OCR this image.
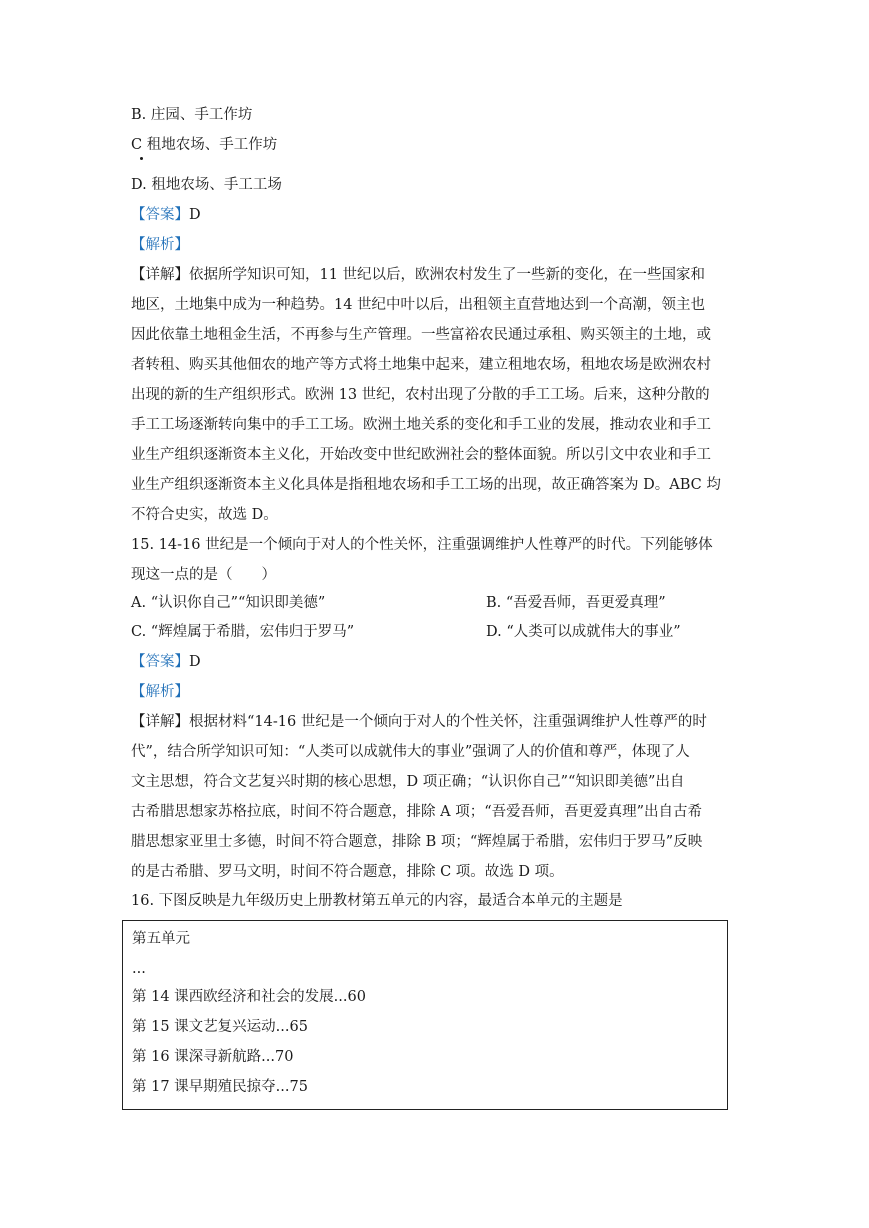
B. 庄园、手工作坊
C 租地农场、手工作坊
D. 租地农场、手工工场
【答案】D
【解析】
【详解】依据所学知识可知，11 世纪以后，欧洲农村发生了一些新的变化，在一些国家和
地区，土地集中成为一种趋势。14 世纪中叶以后，出租领主直营地达到一个高潮，领主也
因此依靠土地租金生活，不再参与生产管理。一些富裕农民通过承租、购买领主的土地，或
者转租、购买其他佃农的地产等方式将土地集中起来，建立租地农场，租地农场是欧洲农村
出现的新的生产组织形式。欧洲 13 世纪，农村出现了分散的手工工场。后来，这种分散的
手工工场逐渐转向集中的手工工场。欧洲土地关系的变化和手工业的发展，推动农业和手工
业生产组织逐渐资本主义化，开始改变中世纪欧洲社会的整体面貌。所以引文中农业和手工
业生产组织逐渐资本主义化具体是指租地农场和手工工场的出现，故正确答案为 D。ABC 均
不符合史实，故选 D。
15. 14-16 世纪是一个倾向于对人的个性关怀，注重强调维护人性尊严的时代。下列能够体
现这一点的是（　　）
A. “认识你自己”“知识即美德”	B. “吾爱吾师，吾更爱真理”
C. “辉煌属于希腊，宏伟归于罗马”	D. “人类可以成就伟大的事业”
【答案】D
【解析】
【详解】根据材料“14-16 世纪是一个倾向于对人的个性关怀，注重强调维护人性尊严的时
代”，结合所学知识可知：“人类可以成就伟大的事业”强调了人的价值和尊严，体现了人
文主思想，符合文艺复兴时期的核心思想，D 项正确；“认识你自己”“知识即美德”出自
古希腊思想家苏格拉底，时间不符合题意，排除 A 项；“吾爱吾师，吾更爱真理”出自古希
腊思想家亚里士多德，时间不符合题意，排除 B 项；“辉煌属于希腊，宏伟归于罗马”反映
的是古希腊、罗马文明，时间不符合题意，排除 C 项。故选 D 项。
16. 下图反映是九年级历史上册教材第五单元的内容，最适合本单元的主题是
第五单元
...
第 14 课西欧经济和社会的发展...60
第 15 课文艺复兴运动...65
第 16 课深寻新航路...70
第 17 课早期殖民掠夺...75
